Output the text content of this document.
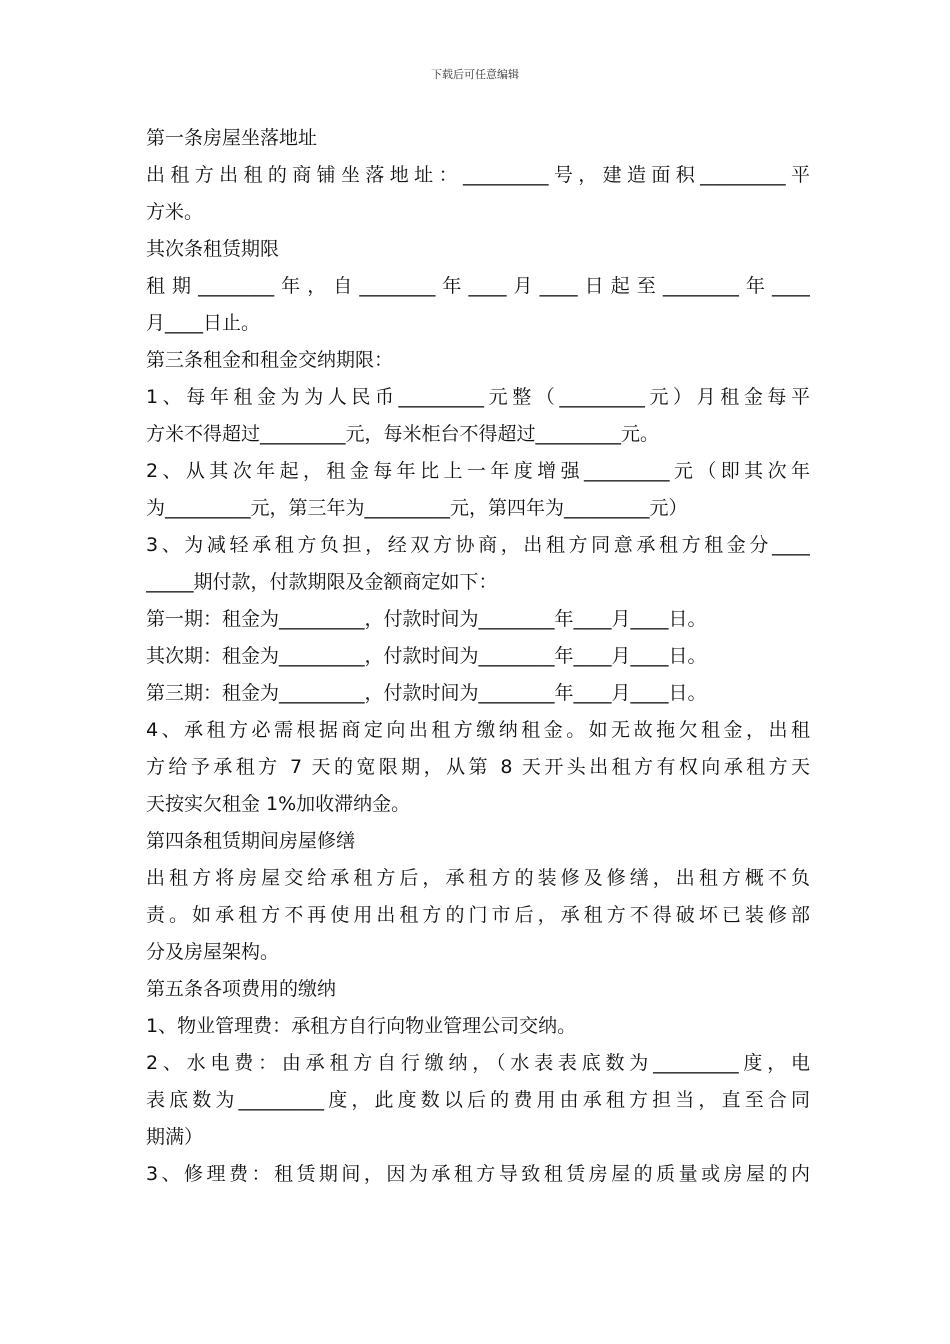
下载后可任意编辑
第一条房屋坐落地址
出租方出租的商铺坐落地址：_________号，建造面积_________平
方米。
其次条租赁期限
租期________年，自________年____月____日起至________年____
月____日止。
第三条租金和租金交纳期限：
1、每年租金为为人民币_________元整（_________元）月租金每平
方米不得超过_________元，每米柜台不得超过_________元。
2、从其次年起，租金每年比上一年度增强_________元（即其次年
为_________元，第三年为_________元，第四年为_________元）
3、为减轻承租方负担，经双方协商，出租方同意承租方租金分____
_____期付款，付款期限及金额商定如下：
第一期：租金为_________，付款时间为________年____月____日。
其次期：租金为_________，付款时间为________年____月____日。
第三期：租金为_________，付款时间为________年____月____日。
4、承租方必需根据商定向出租方缴纳租金。如无故拖欠租金，出租
方给予承租方 7 天的宽限期，从第 8 天开头出租方有权向承租方天
天按实欠租金 1%加收滞纳金。
第四条租赁期间房屋修缮
出租方将房屋交给承租方后，承租方的装修及修缮，出租方概不负
责。如承租方不再使用出租方的门市后，承租方不得破坏已装修部
分及房屋架构。
第五条各项费用的缴纳
1、物业管理费：承租方自行向物业管理公司交纳。
2、水电费：由承租方自行缴纳，（水表表底数为_________度，电
表底数为_________度，此度数以后的费用由承租方担当，直至合同
期满）
3、修理费：租赁期间，因为承租方导致租赁房屋的质量或房屋的内
